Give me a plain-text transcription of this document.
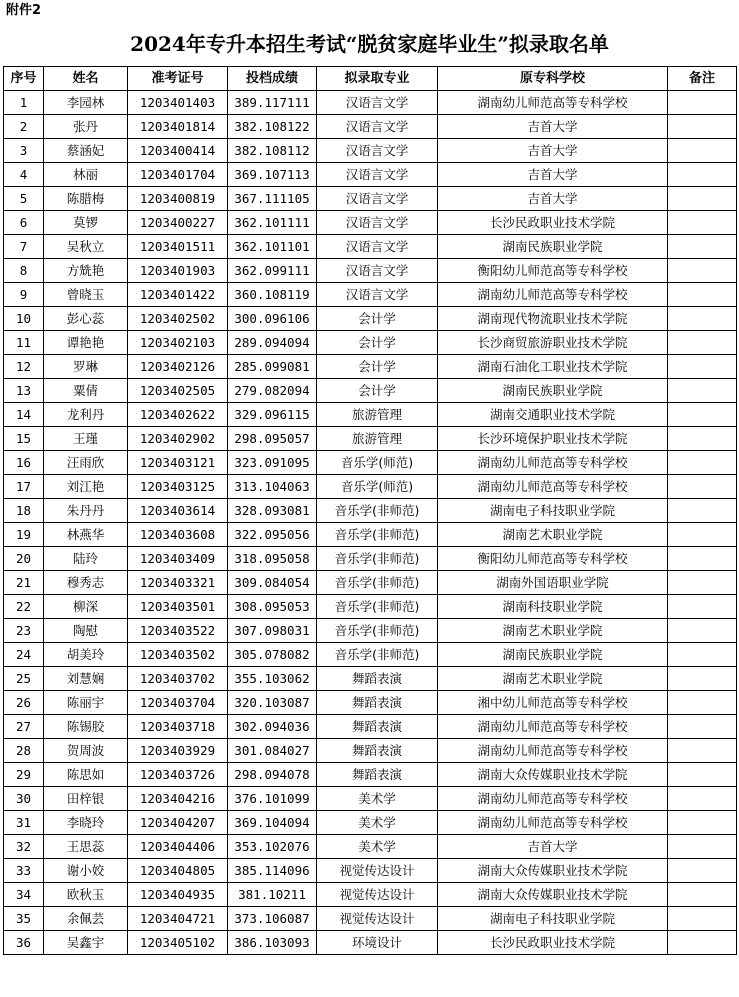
附件2
2024年专升本招生考试“脱贫家庭毕业生”拟录取名单
序号	姓名	准考证号	投档成绩	拟录取专业	原专科学校	备注
1	李园林	1203401403	389.117111	汉语言文学	湖南幼儿师范高等专科学校	
2	张丹	1203401814	382.108122	汉语言文学	吉首大学	
3	蔡涵妃	1203400414	382.108112	汉语言文学	吉首大学	
4	林丽	1203401704	369.107113	汉语言文学	吉首大学	
5	陈腊梅	1203400819	367.111105	汉语言文学	吉首大学	
6	莫锣	1203400227	362.101111	汉语言文学	长沙民政职业技术学院	
7	吴秋立	1203401511	362.101101	汉语言文学	湖南民族职业学院	
8	方兟艳	1203401903	362.099111	汉语言文学	衡阳幼儿师范高等专科学校	
9	曾晓玉	1203401422	360.108119	汉语言文学	湖南幼儿师范高等专科学校	
10	彭心蕊	1203402502	300.096106	会计学	湖南现代物流职业技术学院	
11	谭艳艳	1203402103	289.094094	会计学	长沙商贸旅游职业技术学院	
12	罗琳	1203402126	285.099081	会计学	湖南石油化工职业技术学院	
13	粟倩	1203402505	279.082094	会计学	湖南民族职业学院	
14	龙利丹	1203402622	329.096115	旅游管理	湖南交通职业技术学院	
15	王瑾	1203402902	298.095057	旅游管理	长沙环境保护职业技术学院	
16	汪雨欣	1203403121	323.091095	音乐学(师范)	湖南幼儿师范高等专科学校	
17	刘江艳	1203403125	313.104063	音乐学(师范)	湖南幼儿师范高等专科学校	
18	朱丹丹	1203403614	328.093081	音乐学(非师范)	湖南电子科技职业学院	
19	林燕华	1203403608	322.095056	音乐学(非师范)	湖南艺术职业学院	
20	陆玲	1203403409	318.095058	音乐学(非师范)	衡阳幼儿师范高等专科学校	
21	穆秀志	1203403321	309.084054	音乐学(非师范)	湖南外国语职业学院	
22	柳深	1203403501	308.095053	音乐学(非师范)	湖南科技职业学院	
23	陶慰	1203403522	307.098031	音乐学(非师范)	湖南艺术职业学院	
24	胡美玲	1203403502	305.078082	音乐学(非师范)	湖南民族职业学院	
25	刘慧娴	1203403702	355.103062	舞蹈表演	湖南艺术职业学院	
26	陈丽宇	1203403704	320.103087	舞蹈表演	湘中幼儿师范高等专科学校	
27	陈锡胶	1203403718	302.094036	舞蹈表演	湖南幼儿师范高等专科学校	
28	贺周波	1203403929	301.084027	舞蹈表演	湖南幼儿师范高等专科学校	
29	陈思如	1203403726	298.094078	舞蹈表演	湖南大众传媒职业技术学院	
30	田梓银	1203404216	376.101099	美术学	湖南幼儿师范高等专科学校	
31	李晓玲	1203404207	369.104094	美术学	湖南幼儿师范高等专科学校	
32	王思蕊	1203404406	353.102076	美术学	吉首大学	
33	谢小姣	1203404805	385.114096	视觉传达设计	湖南大众传媒职业技术学院	
34	欧秋玉	1203404935	381.10211	视觉传达设计	湖南大众传媒职业技术学院	
35	余佩芸	1203404721	373.106087	视觉传达设计	湖南电子科技职业学院	
36	吴鑫宇	1203405102	386.103093	环境设计	长沙民政职业技术学院	
